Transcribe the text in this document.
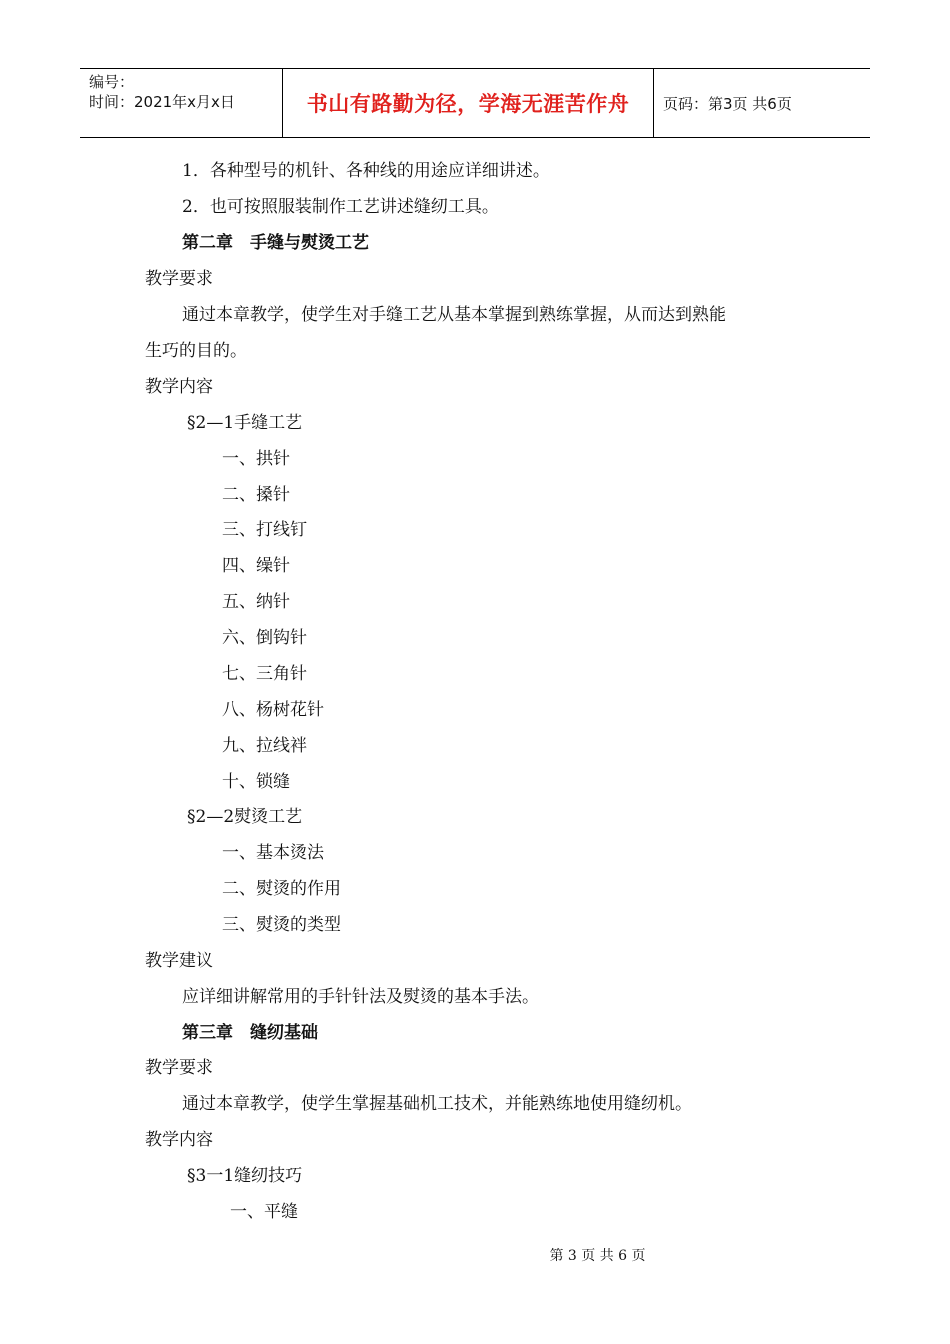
编号：
时间：2021年x月x日	书山有路勤为径，学海无涯苦作舟	页码：第3页 共6页
1．各种型号的机针、各种线的用途应详细讲述。
2．也可按照服装制作工艺讲述缝纫工具。
第二章　手缝与熨烫工艺
教学要求
通过本章教学，使学生对手缝工艺从基本掌握到熟练掌握，从而达到熟能
生巧的目的。
教学内容
§2—1手缝工艺
一、拱针
二、搡针
三、打线钉
四、缲针
五、纳针
六、倒钩针
七、三角针
八、杨树花针
九、拉线袢
十、锁缝
§2—2熨烫工艺
一、基本烫法
二、熨烫的作用
三、熨烫的类型
教学建议
应详细讲解常用的手针针法及熨烫的基本手法。
第三章　缝纫基础
教学要求
通过本章教学，使学生掌握基础机工技术，并能熟练地使用缝纫机。
教学内容
§3一1缝纫技巧
一、平缝
第 3 页 共 6 页
